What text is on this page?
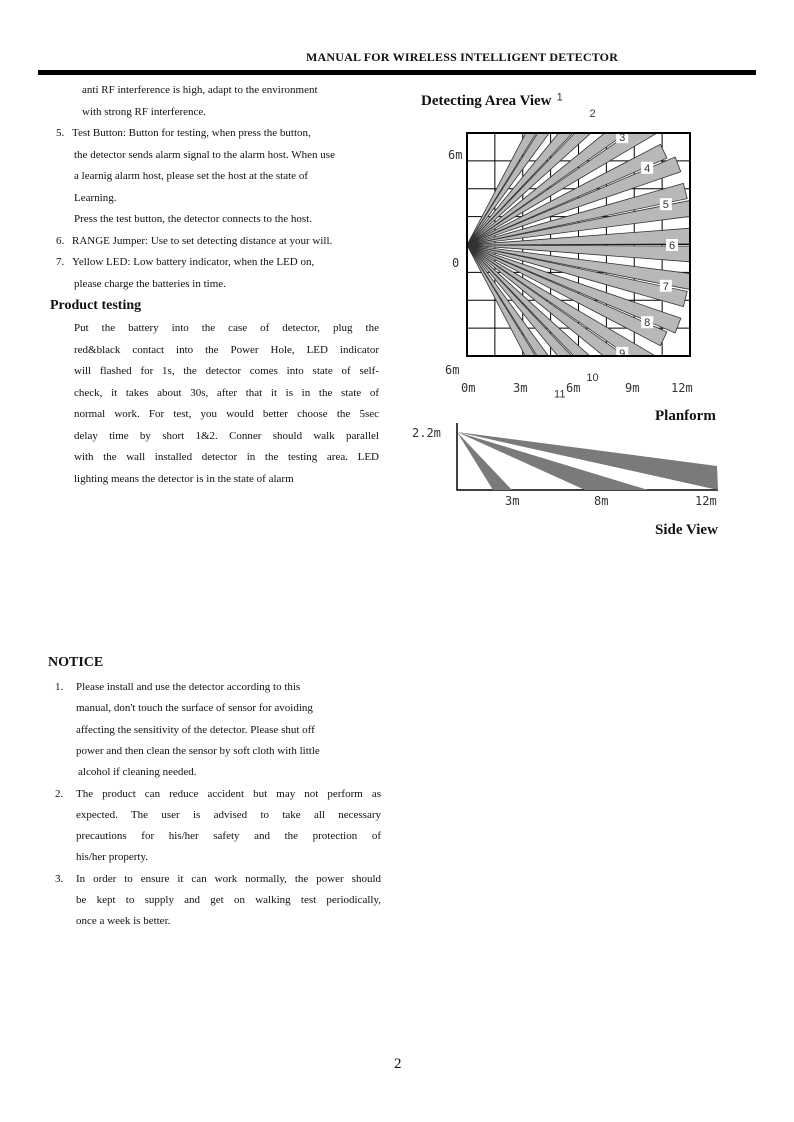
MANUAL FOR WIRELESS INTELLIGENT DETECTOR
anti RF interference is high, adapt to the environment
with strong RF interference.
5. Test Button: Button for testing, when press the button,
the detector sends alarm signal to the alarm host. When use
a learnig alarm host, please set the host at the state of
Learning.
Press the test button, the detector connects to the host.
6. RANGE Jumper: Use to set detecting distance at your will.
7. Yellow LED: Low battery indicator, when the LED on,
please charge the batteries in time.
Product testing
Put the battery into the case of detector, plug the
red&black contact into the Power Hole, LED indicator
will flashed for 1s, the detector comes into state of self-
check, it takes about 30s, after that it is in the state of
normal work. For test, you would better choose the 5sec
delay time by short 1&2. Conner should walk parallel
with the wall installed detector in the testing area. LED
lighting means the detector is in the state of alarm
NOTICE
1. Please install and use the detector according to this
manual, don't touch the surface of sensor for avoiding
affecting the sensitivity of the detector. Please shut off
power and then clean the sensor by soft cloth with little
alcohol if cleaning needed.
2. The product can reduce accident but may not perform as
expected. The user is advised to take all necessary
precautions for his/her safety and the protection of
his/her property.
3. In order to ensure it can work normally, the power should
be kept to supply and get on walking test periodically,
once a week is better.
Detecting Area View 1
2
3
4
5
6
7
8
9
10
11
6m
0
6m
0m	3m	6m	9m	12m
2.2m
3m	8m	12m
Planform
Side View
2
